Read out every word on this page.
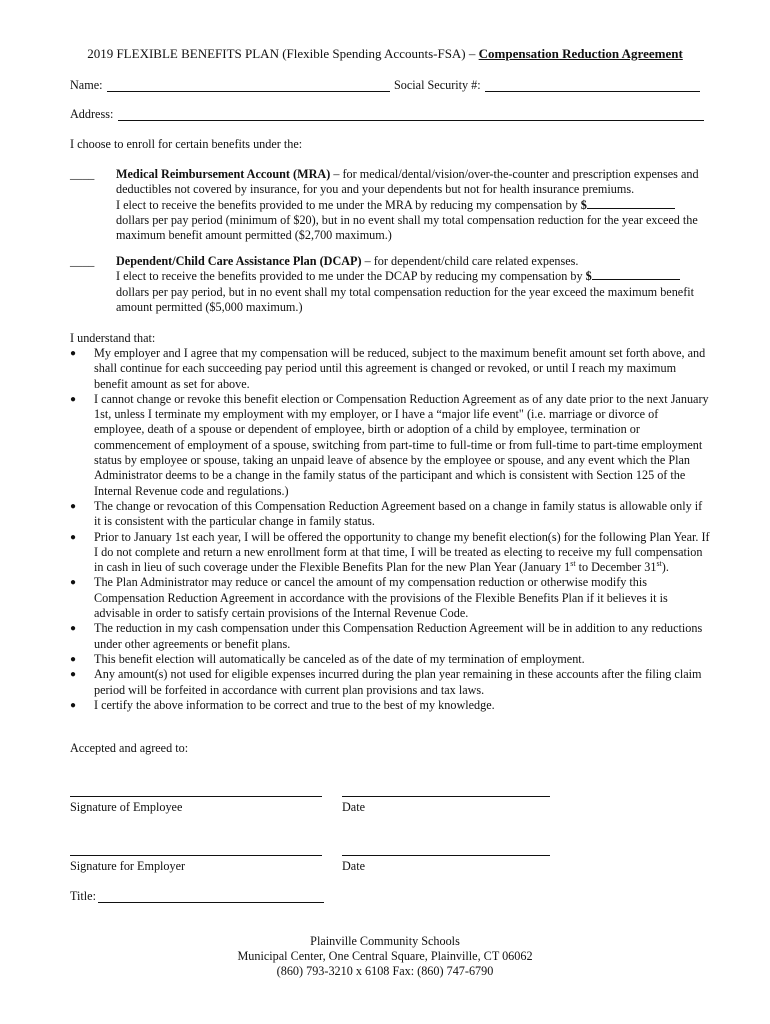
2019 FLEXIBLE BENEFITS PLAN (Flexible Spending Accounts-FSA) – Compensation Reduction Agreement
Name:	Social Security #:
Address:
I choose to enroll for certain benefits under the:
____ Medical Reimbursement Account (MRA) – for medical/dental/vision/over-the-counter and prescription expenses and deductibles not covered by insurance, for you and your dependents but not for health insurance premiums.
I elect to receive the benefits provided to me under the MRA by reducing my compensation by $ dollars per pay period (minimum of $20), but in no event shall my total compensation reduction for the year exceed the maximum benefit amount permitted ($2,700 maximum.)
____ Dependent/Child Care Assistance Plan (DCAP) – for dependent/child care related expenses.
I elect to receive the benefits provided to me under the DCAP by reducing my compensation by $ dollars per pay period, but in no event shall my total compensation reduction for the year exceed the maximum benefit amount permitted ($5,000 maximum.)
I understand that:
● My employer and I agree that my compensation will be reduced, subject to the maximum benefit amount set forth above, and shall continue for each succeeding pay period until this agreement is changed or revoked, or until I reach my maximum benefit amount as set for above.
● I cannot change or revoke this benefit election or Compensation Reduction Agreement as of any date prior to the next January 1st, unless I terminate my employment with my employer, or I have a “major life event" (i.e. marriage or divorce of employee, death of a spouse or dependent of employee, birth or adoption of a child by employee, termination or commencement of employment of a spouse, switching from part-time to full-time or from full-time to part-time employment status by employee or spouse, taking an unpaid leave of absence by the employee or spouse, and any event which the Plan Administrator deems to be a change in the family status of the participant and which is consistent with Section 125 of the Internal Revenue code and regulations.)
● The change or revocation of this Compensation Reduction Agreement based on a change in family status is allowable only if it is consistent with the particular change in family status.
● Prior to January 1st each year, I will be offered the opportunity to change my benefit election(s) for the following Plan Year. If I do not complete and return a new enrollment form at that time, I will be treated as electing to receive my full compensation in cash in lieu of such coverage under the Flexible Benefits Plan for the new Plan Year (January 1st to December 31st).
● The Plan Administrator may reduce or cancel the amount of my compensation reduction or otherwise modify this Compensation Reduction Agreement in accordance with the provisions of the Flexible Benefits Plan if it believes it is advisable in order to satisfy certain provisions of the Internal Revenue Code.
● The reduction in my cash compensation under this Compensation Reduction Agreement will be in addition to any reductions under other agreements or benefit plans.
● This benefit election will automatically be canceled as of the date of my termination of employment.
● Any amount(s) not used for eligible expenses incurred during the plan year remaining in these accounts after the filing claim period will be forfeited in accordance with current plan provisions and tax laws.
● I certify the above information to be correct and true to the best of my knowledge.
Accepted and agreed to:
Signature of Employee	Date
Signature for Employer	Date
Title:
Plainville Community Schools
Municipal Center, One Central Square, Plainville, CT 06062
(860) 793-3210 x 6108 Fax: (860) 747-6790
